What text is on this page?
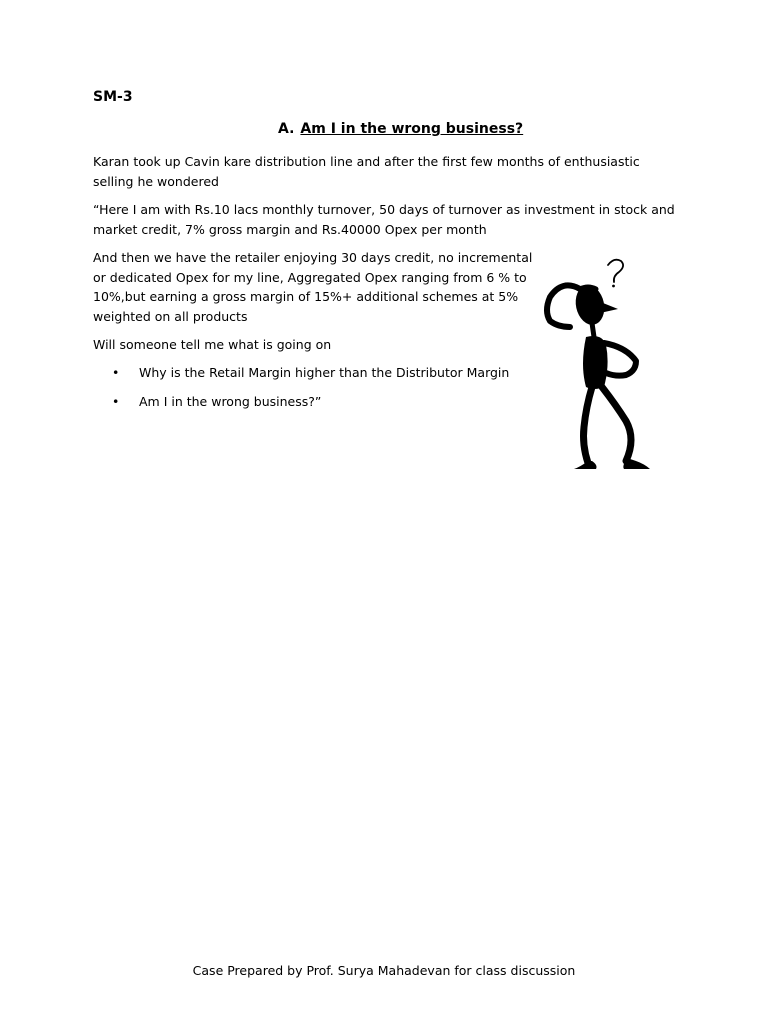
SM-3
A. Am I in the wrong business?
Karan took up Cavin kare distribution line and after the first few months of enthusiastic selling he wondered
“Here I am with Rs.10 lacs monthly turnover, 50 days of turnover as investment in stock and market credit, 7% gross margin and Rs.40000 Opex per month
And then we have the retailer enjoying 30 days credit, no incremental or dedicated Opex for my line, Aggregated Opex ranging from 6 % to 10%,but earning a gross margin of 15%+ additional schemes at 5% weighted on all products
Will someone tell me what is going on
• Why is the Retail Margin higher than the Distributor Margin
• Am I in the wrong business?”
Case Prepared by Prof. Surya Mahadevan for class discussion
